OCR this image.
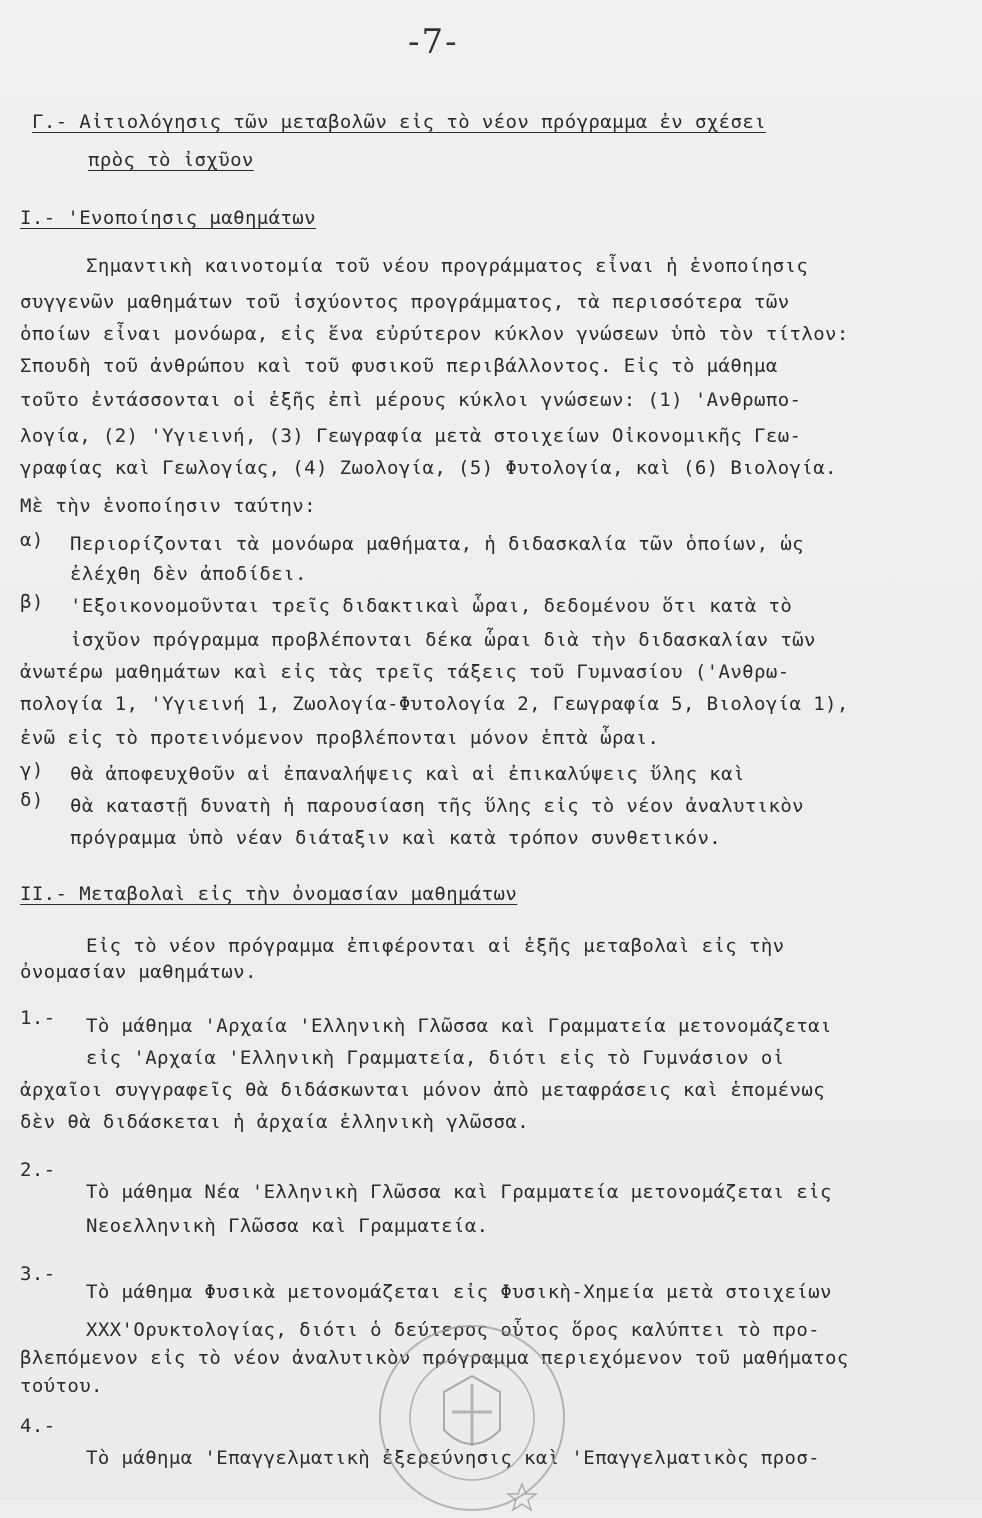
-7-
Γ.- Αἰτιολόγησις τῶν μεταβολῶν εἰς τὸ νέον πρόγραμμα ἐν σχέσει
πρὸς τὸ ἰσχῦον
I.- 'Ενοποίησις μαθημάτων
Σημαντικὴ καινοτομία τοῦ νέου προγράμματος εἶναι ἡ ἑνοποίησις
συγγενῶν μαθημάτων τοῦ ἰσχύοντος προγράμματος, τὰ περισσότερα τῶν
ὁποίων εἶναι μονόωρα, εἰς ἕνα εὐρύτερον κύκλον γνώσεων ὑπὸ τὸν τίτλον:
Σπουδὴ τοῦ ἀνθρώπου καὶ τοῦ φυσικοῦ περιβάλλοντος. Εἰς τὸ μάθημα
τοῦτο ἐντάσσονται οἱ ἑξῆς ἐπὶ μέρους κύκλοι γνώσεων: (1) 'Ανθρωπο-
λογία, (2) 'Υγιεινή, (3) Γεωγραφία μετὰ στοιχείων Οἰκονομικῆς Γεω-
γραφίας καὶ Γεωλογίας, (4) Ζωολογία, (5) Φυτολογία, καὶ (6) Βιολογία.
Μὲ τὴν ἑνοποίησιν ταύτην:
α) Περιορίζονται τὰ μονόωρα μαθήματα, ἡ διδασκαλία τῶν ὁποίων, ὡς
ἐλέχθη δὲν ἀποδίδει.
β) 'Εξοικονομοῦνται τρεῖς διδακτικαὶ ὧραι, δεδομένου ὅτι κατὰ τὸ
ἰσχῦον πρόγραμμα προβλέπονται δέκα ὧραι διὰ τὴν διδασκαλίαν τῶν
ἀνωτέρω μαθημάτων καὶ εἰς τὰς τρεῖς τάξεις τοῦ Γυμνασίου ('Ανθρω-
πολογία 1, 'Υγιεινή 1, Ζωολογία-Φυτολογία 2, Γεωγραφία 5, Βιολογία 1),
ἐνῶ εἰς τὸ προτεινόμενον προβλέπονται μόνον ἑπτὰ ὧραι.
γ) θὰ ἀποφευχθοῦν αἱ ἐπαναλήψεις καὶ αἱ ἐπικαλύψεις ὕλης καὶ
δ) θὰ καταστῇ δυνατὴ ἡ παρουσίαση τῆς ὕλης εἰς τὸ νέον ἀναλυτικὸν
πρόγραμμα ὑπὸ νέαν διάταξιν καὶ κατὰ τρόπον συνθετικόν.
II.- Μεταβολαὶ εἰς τὴν ὀνομασίαν μαθημάτων
Εἰς τὸ νέον πρόγραμμα ἐπιφέρονται αἱ ἑξῆς μεταβολαὶ εἰς τὴν
ὀνομασίαν μαθημάτων.
1.- Τὸ μάθημα 'Αρχαία 'Ελληνικὴ Γλῶσσα καὶ Γραμματεία μετονομάζεται
εἰς 'Αρχαία 'Ελληνικὴ Γραμματεία, διότι εἰς τὸ Γυμνάσιον οἱ
ἀρχαῖοι συγγραφεῖς θὰ διδάσκωνται μόνον ἀπὸ μεταφράσεις καὶ ἑπομένως
δὲν θὰ διδάσκεται ἡ ἀρχαία ἑλληνικὴ γλῶσσα.
2.-
Τὸ μάθημα Νέα 'Ελληνικὴ Γλῶσσα καὶ Γραμματεία μετονομάζεται εἰς
Νεοελληνικὴ Γλῶσσα καὶ Γραμματεία.
3.-
Τὸ μάθημα Φυσικὰ μετονομάζεται εἰς Φυσικὴ-Χημεία μετὰ στοιχείων
ΧΧΧ'Ορυκτολογίας, διότι ὁ δεύτερος οὗτος ὅρος καλύπτει τὸ προ-
βλεπόμενον εἰς τὸ νέον ἀναλυτικὸν πρόγραμμα περιεχόμενον τοῦ μαθήματος
τούτου.
4.-
Τὸ μάθημα 'Επαγγελματικὴ ἐξερεύνησις καὶ 'Επαγγελματικὸς προσ-
